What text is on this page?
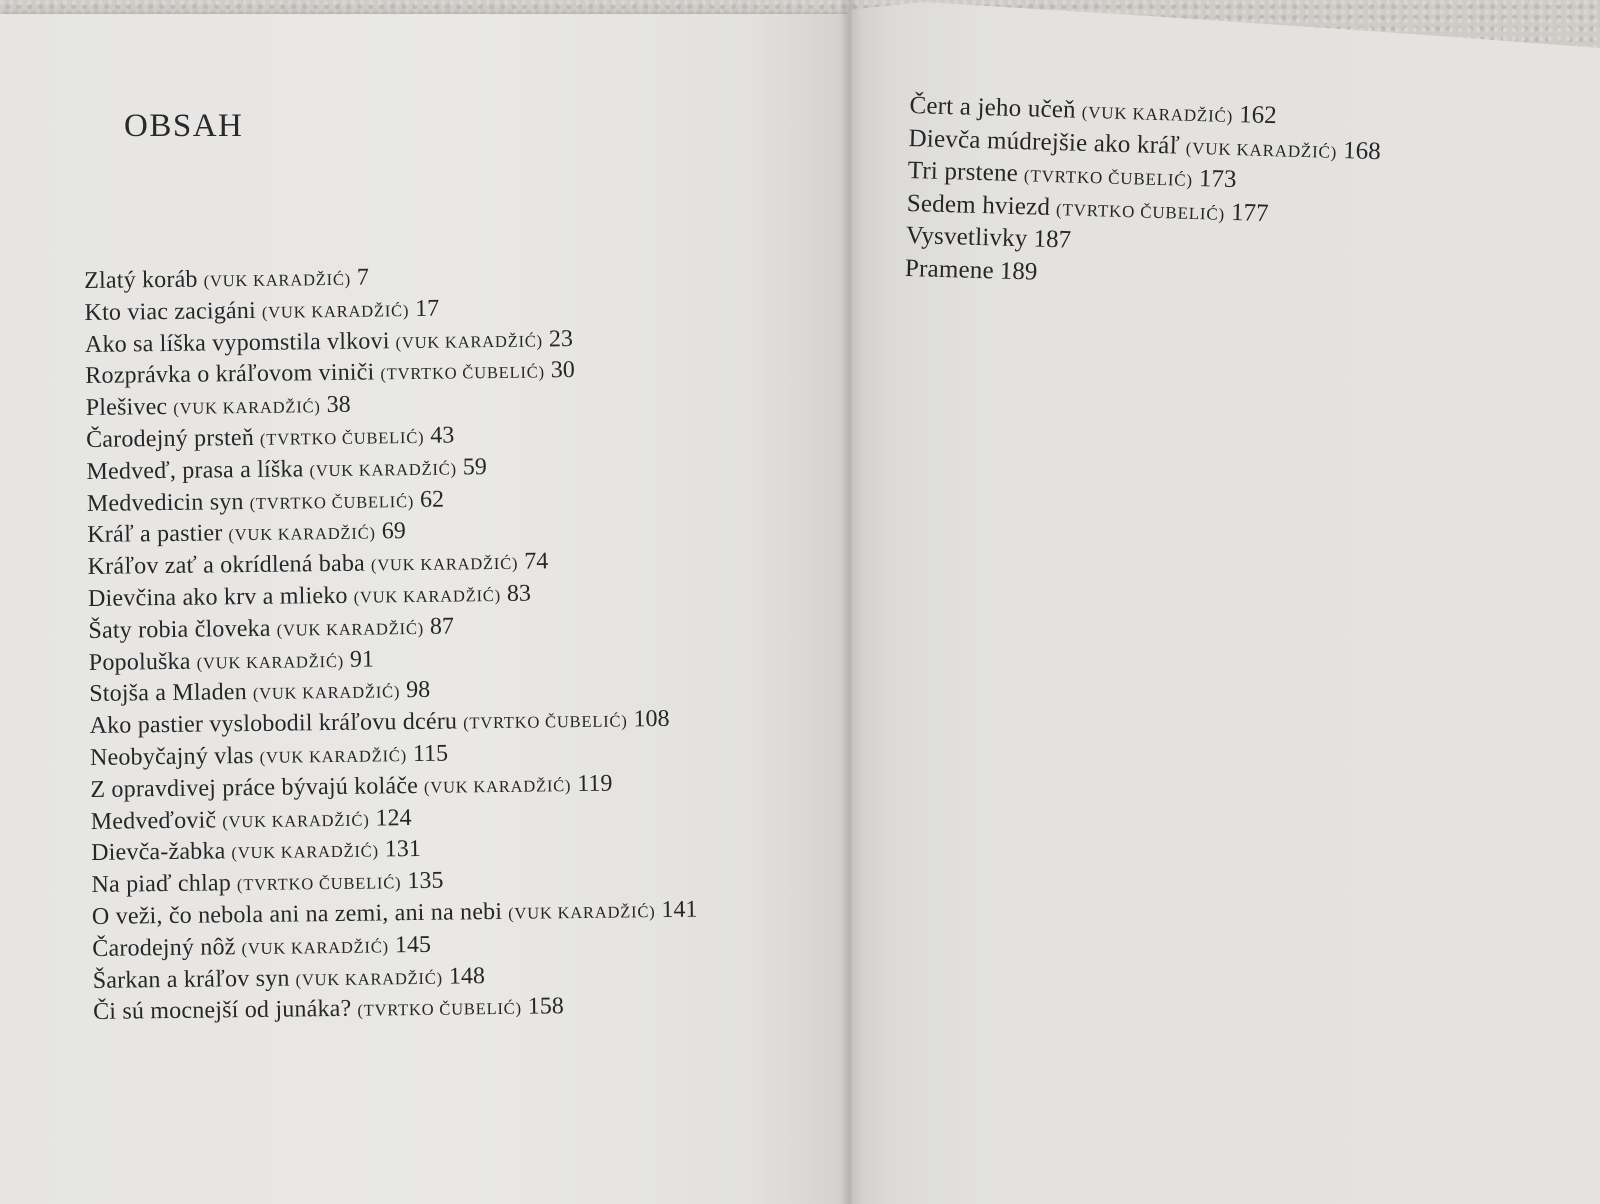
OBSAH
Zlatý koráb (VUK KARADŽIĆ) 7
Kto viac zacigáni (VUK KARADŽIĆ) 17
Ako sa líška vypomstila vlkovi (VUK KARADŽIĆ) 23
Rozprávka o kráľovom viniči (TVRTKO ČUBELIĆ) 30
Plešivec (VUK KARADŽIĆ) 38
Čarodejný prsteň (TVRTKO ČUBELIĆ) 43
Medveď, prasa a líška (VUK KARADŽIĆ) 59
Medvedicin syn (TVRTKO ČUBELIĆ) 62
Kráľ a pastier (VUK KARADŽIĆ) 69
Kráľov zať a okrídlená baba (VUK KARADŽIĆ) 74
Dievčina ako krv a mlieko (VUK KARADŽIĆ) 83
Šaty robia človeka (VUK KARADŽIĆ) 87
Popoluška (VUK KARADŽIĆ) 91
Stojša a Mladen (VUK KARADŽIĆ) 98
Ako pastier vyslobodil kráľovu dcéru (TVRTKO ČUBELIĆ) 108
Neobyčajný vlas (VUK KARADŽIĆ) 115
Z opravdivej práce bývajú koláče (VUK KARADŽIĆ) 119
Medveďovič (VUK KARADŽIĆ) 124
Dievča-žabka (VUK KARADŽIĆ) 131
Na piaď chlap (TVRTKO ČUBELIĆ) 135
O veži, čo nebola ani na zemi, ani na nebi (VUK KARADŽIĆ) 141
Čarodejný nôž (VUK KARADŽIĆ) 145
Šarkan a kráľov syn (VUK KARADŽIĆ) 148
Či sú mocnejší od junáka? (TVRTKO ČUBELIĆ) 158
Čert a jeho učeň (VUK KARADŽIĆ) 162
Dievča múdrejšie ako kráľ (VUK KARADŽIĆ) 168
Tri prstene (TVRTKO ČUBELIĆ) 173
Sedem hviezd (TVRTKO ČUBELIĆ) 177
Vysvetlivky 187
Pramene 189
